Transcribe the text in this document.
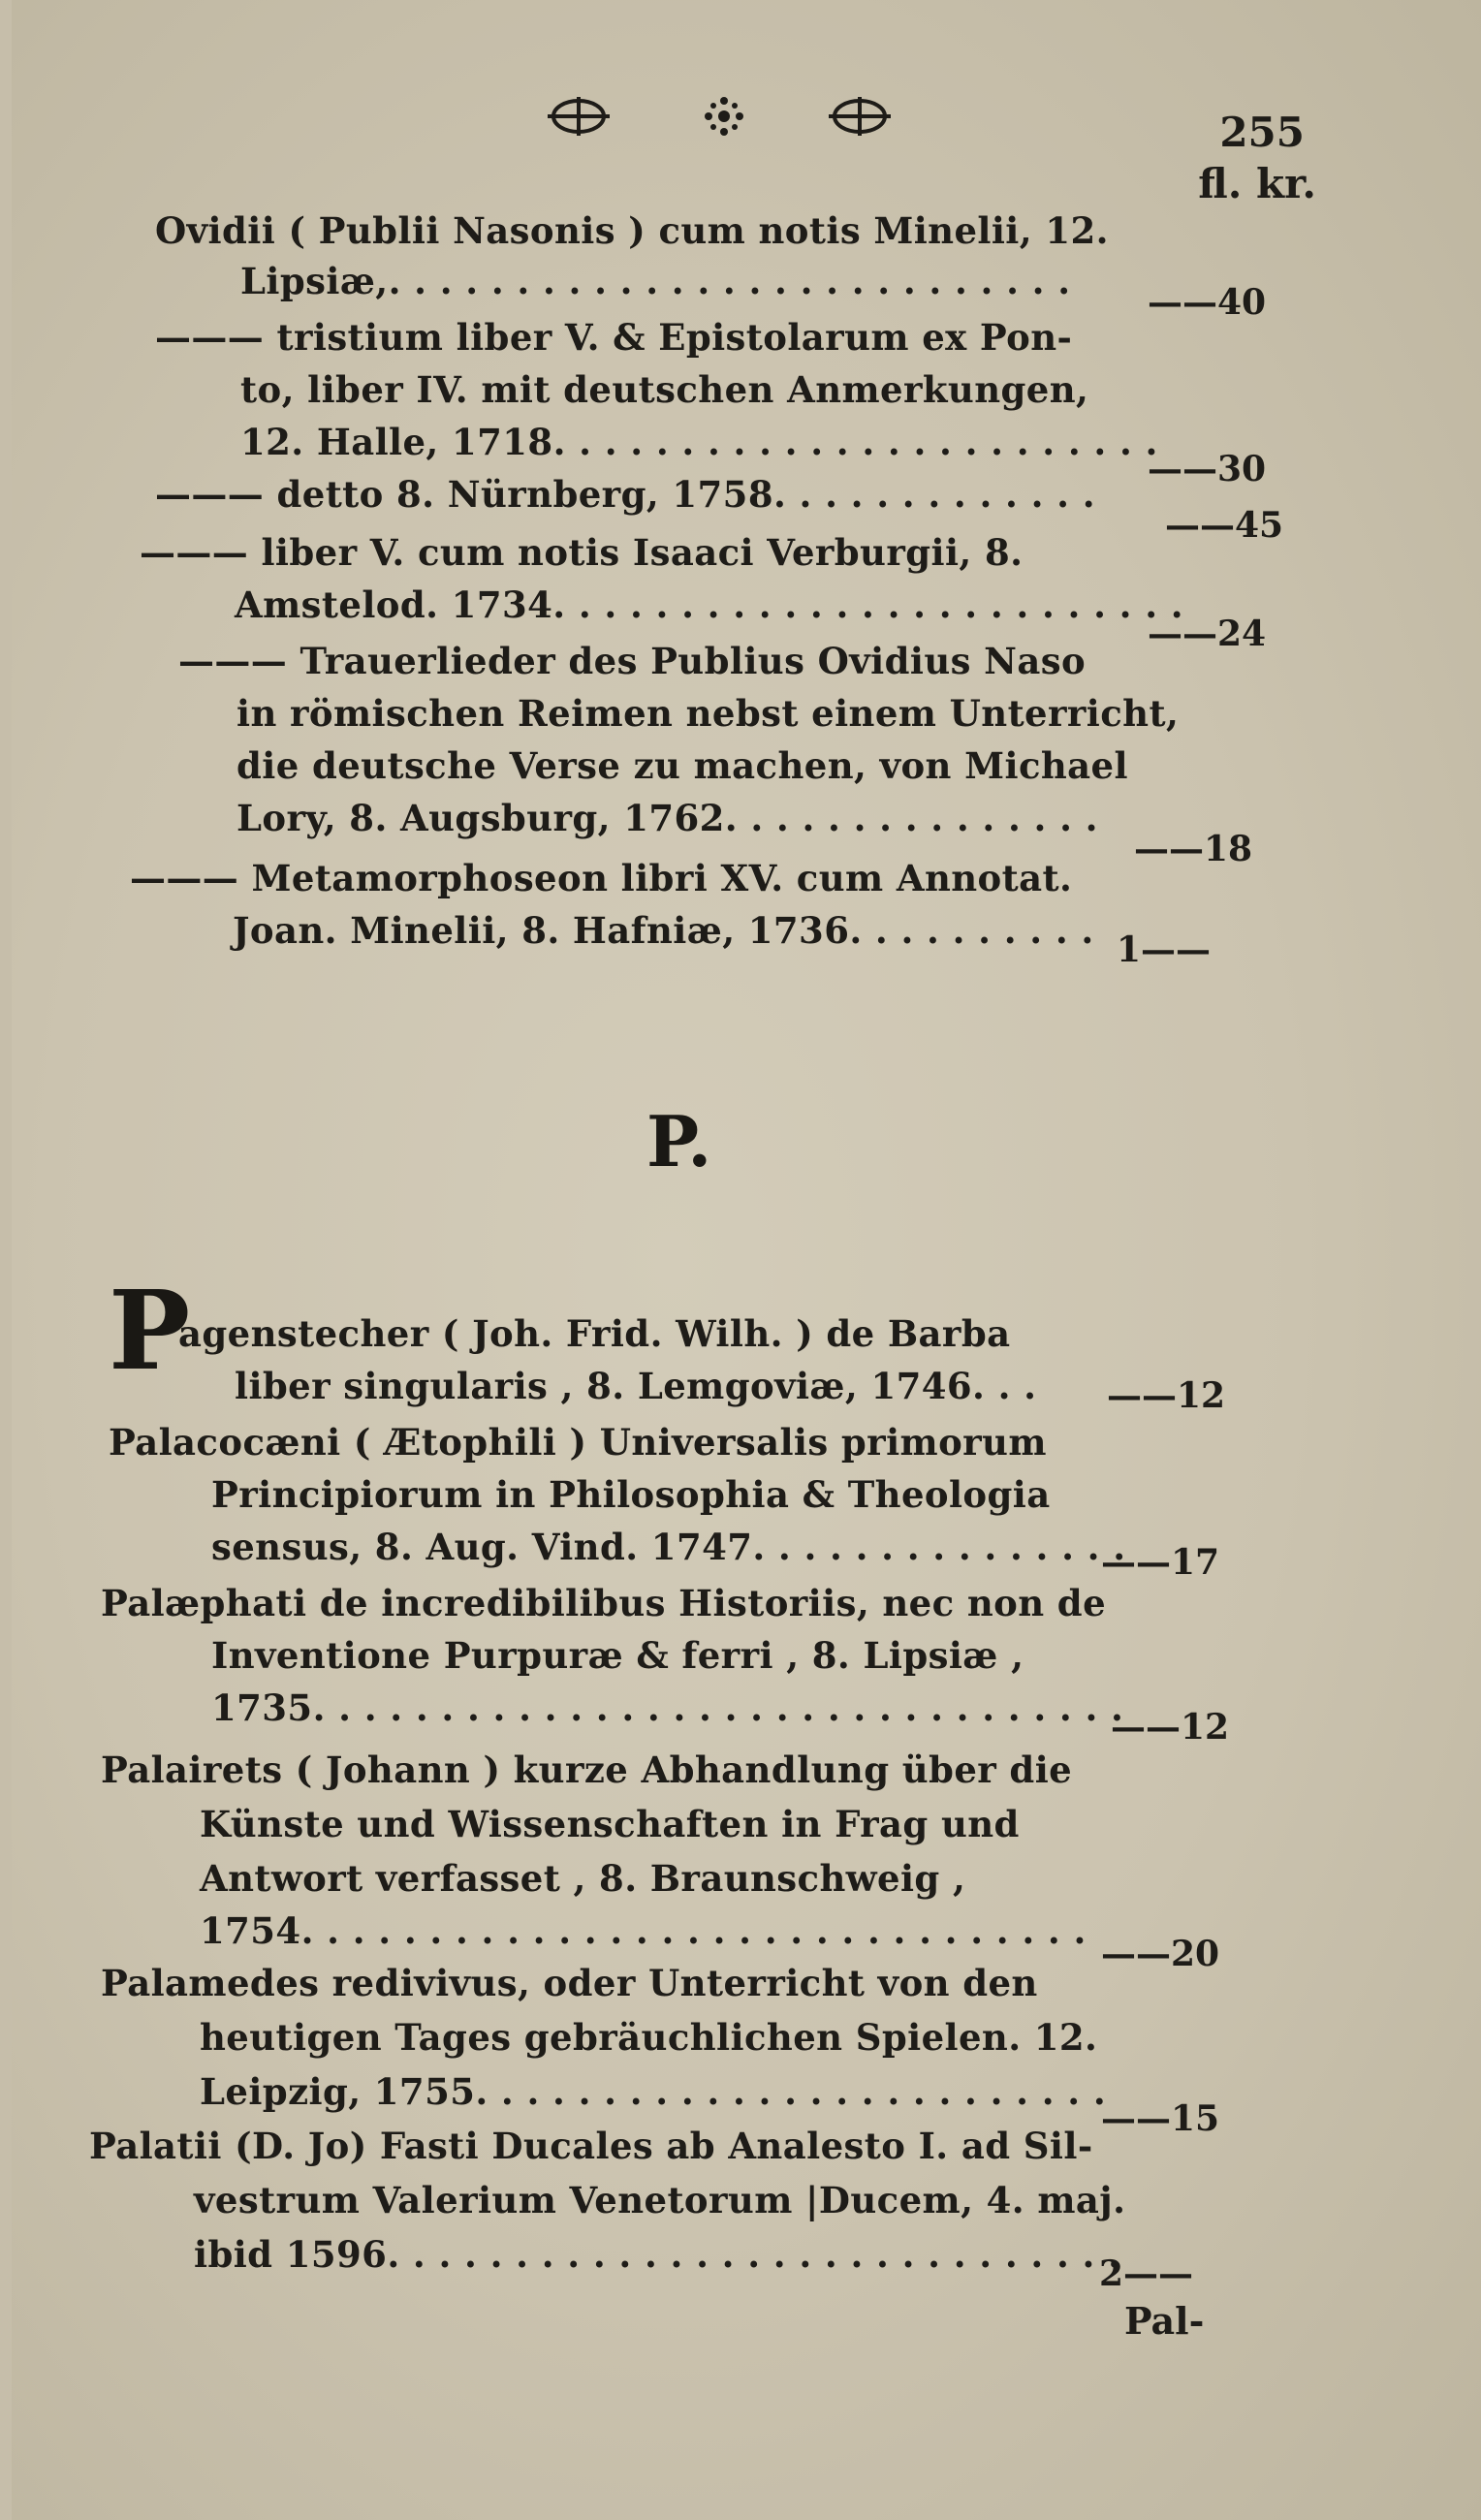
255
fl. kr.
Ovidii ( Publii Nasonis ) cum notis Minelii, 12.
Lipsiæ,. . . . . . . . . . . . . . . . . . . . . . . . . . . ——40
——— tristium liber V. & Epistolarum ex Pon-
to, liber IV. mit deutschen Anmerkungen,
12. Halle, 1718. . . . . . . . . . . . . . . . . . . . . . . .
——30
——— detto 8. Nürnberg, 1758. . . . . . . . . . . . .
——45
——— liber V. cum notis Isaaci Verburgii, 8.
Amstelod. 1734. . . . . . . . . . . . . . . . . . . . . . . . .
——24
——— Trauerlieder des Publius Ovidius Naso
in römischen Reimen nebst einem Unterricht,
die deutsche Verse zu machen, von Michael
Lory, 8. Augsburg, 1762. . . . . . . . . . . . . . .
——18
——— Metamorphoseon libri XV. cum Annotat.
Joan. Minelii, 8. Hafniæ, 1736. . . . . . . . . . 1——
P.
P
agenstecher ( Joh. Frid. Wilh. ) de Barba
liber singularis , 8. Lemgoviæ, 1746. . . ——12
Palacocæni ( Ætophili ) Universalis primorum
Principiorum in Philosophia & Theologia
sensus, 8. Aug. Vind. 1747. . . . . . . . . . . . . . .
——17
Palæphati de incredibilibus Historiis, nec non de
Inventione Purpuræ & ferri , 8. Lipsiæ ,
1735. . . . . . . . . . . . . . . . . . . . . . . . . . . . . . . .
——12
Palairets ( Johann ) kurze Abhandlung über die
Künste und Wissenschaften in Frag und
Antwort verfasset , 8. Braunschweig ,
1754. . . . . . . . . . . . . . . . . . . . . . . . . . . . . . .
——20
Palamedes redivivus, oder Unterricht von den
heutigen Tages gebräuchlichen Spielen. 12.
Leipzig, 1755. . . . . . . . . . . . . . . . . . . . . . . . .
——15
Palatii (D. Jo) Fasti Ducales ab Analesto I. ad Sil-
vestrum Valerium Venetorum |Ducem, 4. maj.
ibid 1596. . . . . . . . . . . . . . . . . . . . . . . . . . . . .
2——
Pal-
